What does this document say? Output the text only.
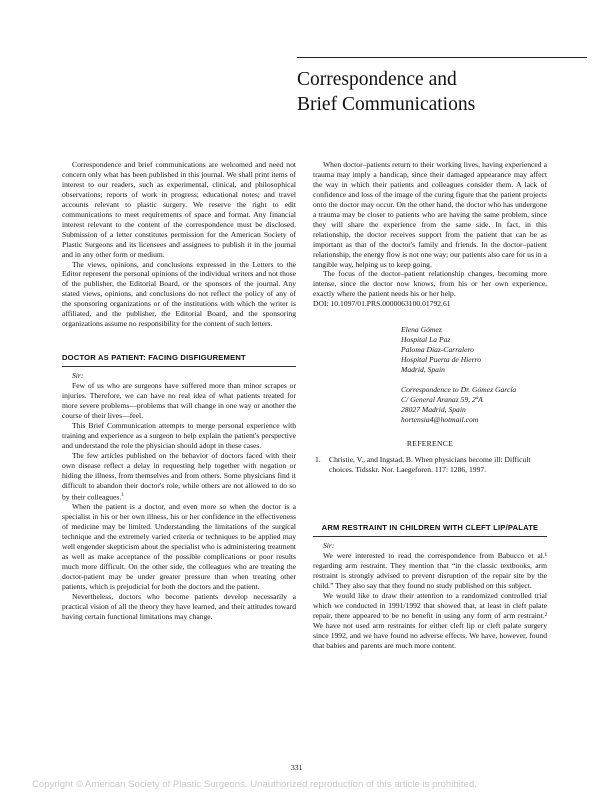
Correspondence and
Brief Communications

Correspondence and brief communications are welcomed and need not concern only what has been published in this journal. We shall print items of interest to our readers, such as experimental, clinical, and philosophical observations; reports of work in progress; educational notes; and travel accounts relevant to plastic surgery. We reserve the right to edit communications to meet requirements of space and format. Any financial interest relevant to the content of the correspondence must be disclosed. Submission of a letter constitutes permission for the American Society of Plastic Surgeons and its licensees and assignees to publish it in the journal and in any other form or medium.

The views, opinions, and conclusions expressed in the Letters to the Editor represent the personal opinions of the individual writers and not those of the publisher, the Editorial Board, or the sponsors of the journal. Any stated views, opinions, and conclusions do not reflect the policy of any of the sponsoring organizations or of the institutions with which the writer is affiliated, and the publisher, the Editorial Board, and the sponsoring organizations assume no responsibility for the content of such letters.

DOCTOR AS PATIENT: FACING DISFIGUREMENT

Sir:

Few of us who are surgeons have suffered more than minor scrapes or injuries. Therefore, we can have no real idea of what patients treated for more severe problems—problems that will change in one way or another the course of their lives—feel.

This Brief Communication attempts to merge personal experience with training and experience as a surgeon to help explain the patient's perspective and understand the role the physician should adopt in these cases.

The few articles published on the behavior of doctors faced with their own disease reflect a delay in requesting help together with negation or hiding the illness, from themselves and from others. Some physicians find it difficult to abandon their doctor's role, while others are not allowed to do so by their colleagues.$^1$

When the patient is a doctor, and even more so when the doctor is a specialist in his or her own illness, his or her confidence in the effectiveness of medicine may be limited. Understanding the limitations of the surgical technique and the extremely varied criteria or techniques to be applied may well engender skepticism about the specialist who is administering treatment as well as make acceptance of the possible complications or poor results much more difficult. On the other side, the colleagues who are treating the doctor-patient may be under greater pressure than when treating other patients, which is prejudicial for both the doctors and the patient.

Nevertheless, doctors who become patients develop necessarily a practical vision of all the theory they have learned, and their attitudes toward having certain functional limitations may change.

When doctor–patients return to their working lives, having experienced a trauma may imply a handicap, since their damaged appearance may affect the way in which their patients and colleagues consider them. A lack of confidence and loss of the image of the curing figure that the patient projects onto the doctor may occur. On the other hand, the doctor who has undergone a trauma may be closer to patients who are having the same problem, since they will share the experience from the same side. In fact, in this relationship, the doctor receives support from the patient that can be as important as that of the doctor's family and friends. In the doctor–patient relationship, the energy flow is not one way; our patients also care for us in a tangible way, helping us to keep going.

The focus of the doctor–patient relationship changes, becoming more intense, since the doctor now knows, from his or her own experience, exactly where the patient needs his or her help.

DOI: 10.1097/01.PRS.0000063100.01792.61

Elena Gómez
Hospital La Paz
Paloma Díaz-Carralero
Hospital Puerta de Hierro
Madrid, Spain
Correspondence to Dr. Gómez García
C/ General Aranaz 59, 2ºA
28027 Madrid, Spain
hortensia4@hotmail.com
REFERENCE

1. Christie, V., and Ingstad, B. When physicians become ill: Difficult choices. Tidsskr. Nor. Laegeforen. 117: 1286, 1997.

ARM RESTRAINT IN CHILDREN WITH CLEFT LIP/PALATE

Sir:

We were interested to read the correspondence from Babucco et al.¹ regarding arm restraint. They mention that “in the classic textbooks, arm restraint is strongly advised to prevent disruption of the repair site by the child.” They also say that they found no study published on this subject.

We would like to draw their attention to a randomized controlled trial which we conducted in 1991/1992 that showed that, at least in cleft palate repair, there appeared to be no benefit in using any form of arm restraint.² We have not used arm restraints for either cleft lip or cleft palate surgery since 1992, and we have found no adverse effects. We have, however, found that babies and parents are much more content.

331
Copyright © American Society of Plastic Surgeons. Unauthorized reproduction of this article is prohibited.
